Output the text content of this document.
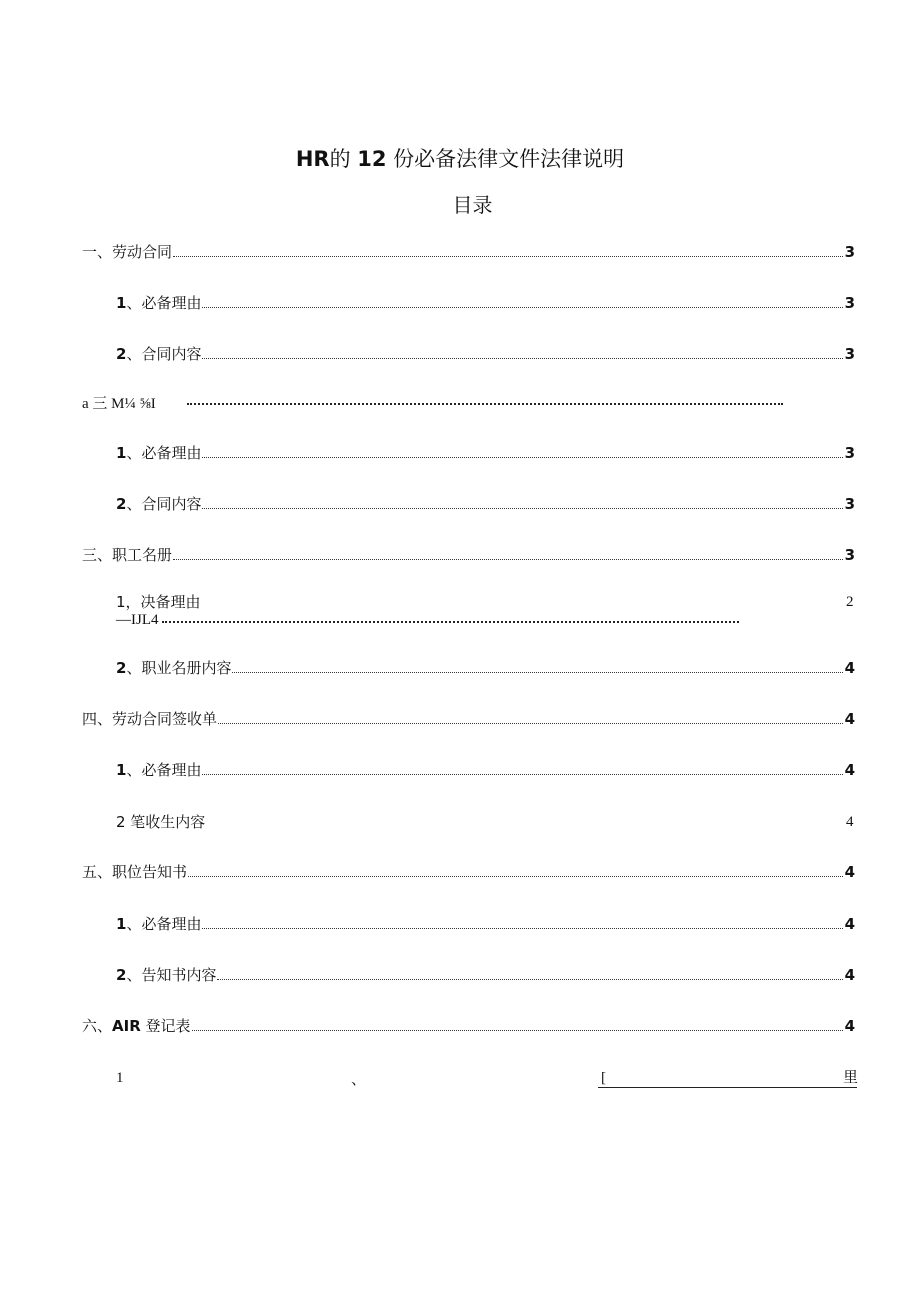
HR的 12 份必备法律文件法律说明
目录
一、劳动合同	3
1、必备理由	3
2、合同内容	3
a 三 M¼ ⅝I
1、必备理由	3
2、合同内容	3
三、职工名册	3
1，决备理由	2
—IJL4
2、职业名册内容	4
四、劳动合同签收单	4
1、必备理由	4
2 笔收生内容	4
五、职位告知书	4
1、必备理由	4
2、告知书内容	4
六、AIR 登记表	4
1	、	[	里
